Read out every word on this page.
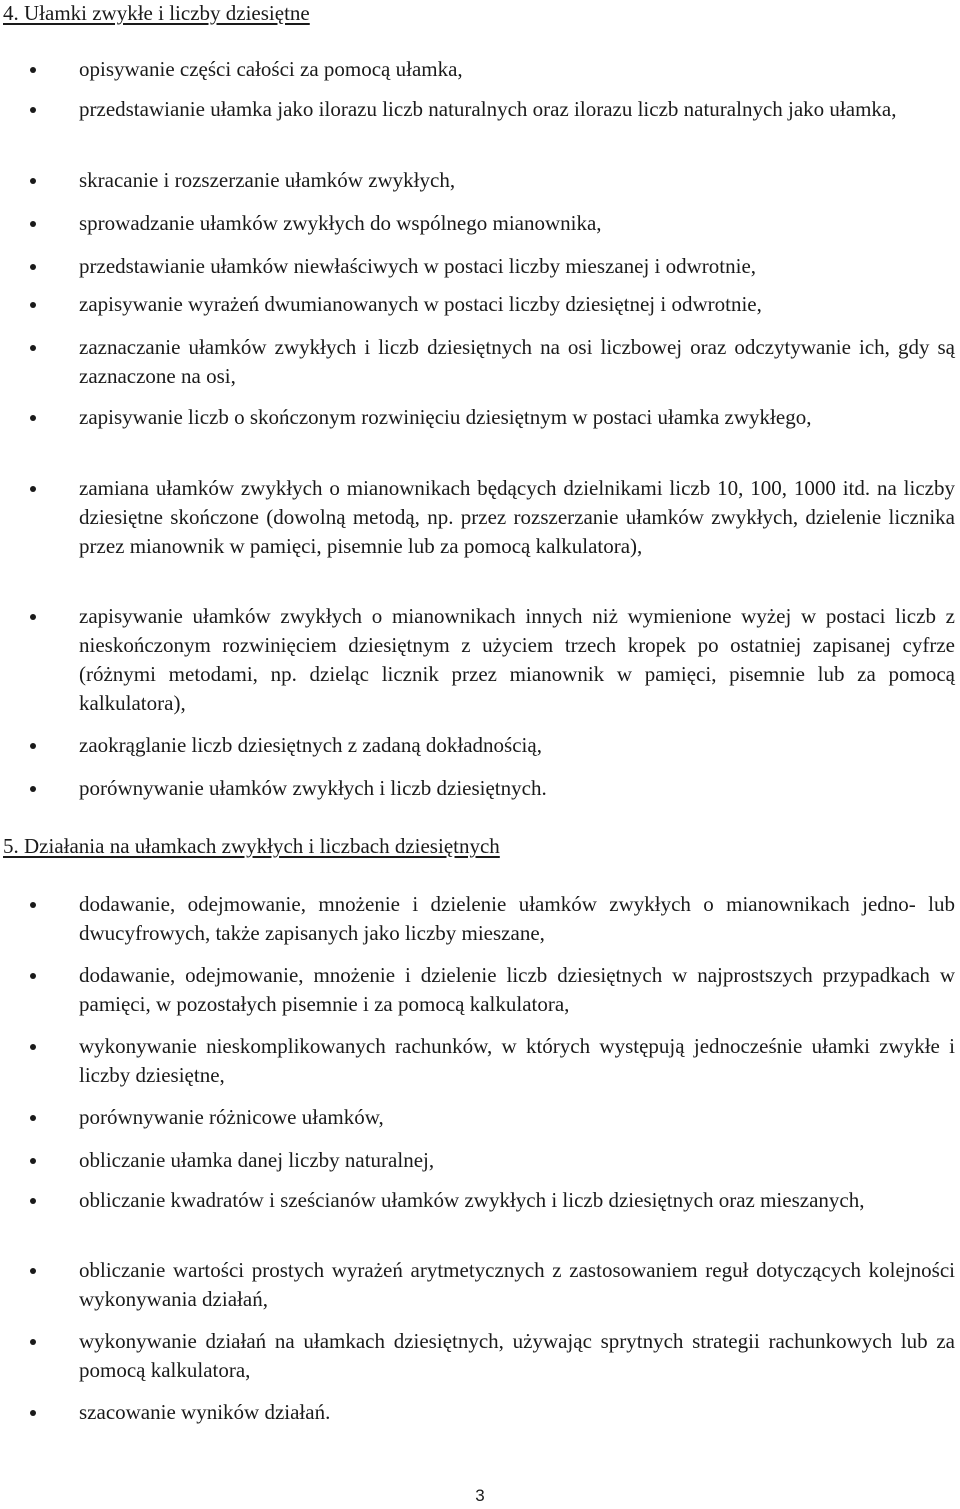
4. Ułamki zwykłe i liczby dziesiętne
opisywanie części całości za pomocą ułamka,
przedstawianie ułamka jako ilorazu liczb naturalnych oraz ilorazu liczb naturalnych jako ułamka,
skracanie i rozszerzanie ułamków zwykłych,
sprowadzanie ułamków zwykłych do wspólnego mianownika,
przedstawianie ułamków niewłaściwych w postaci liczby mieszanej i odwrotnie,
zapisywanie wyrażeń dwumianowanych w postaci liczby dziesiętnej i odwrotnie,
zaznaczanie ułamków zwykłych i liczb dziesiętnych na osi liczbowej oraz odczytywanie ich, gdy są zaznaczone na osi,
zapisywanie liczb o skończonym rozwinięciu dziesiętnym w postaci ułamka zwykłego,
zamiana ułamków zwykłych o mianownikach będących dzielnikami liczb 10, 100, 1000 itd. na liczby dziesiętne skończone (dowolną metodą, np. przez rozszerzanie ułamków zwykłych, dzielenie licznika przez mianownik w pamięci, pisemnie lub za pomocą kalkulatora),
zapisywanie ułamków zwykłych o mianownikach innych niż wymienione wyżej w postaci liczb z nieskończonym rozwinięciem dziesiętnym z użyciem trzech kropek po ostatniej zapisanej cyfrze (różnymi metodami, np. dzieląc licznik przez mianownik w pamięci, pisemnie lub za pomocą kalkulatora),
zaokrąglanie liczb dziesiętnych z zadaną dokładnością,
porównywanie ułamków zwykłych i liczb dziesiętnych.
5. Działania na ułamkach zwykłych i liczbach dziesiętnych
dodawanie, odejmowanie, mnożenie i dzielenie ułamków zwykłych o mianownikach jedno- lub dwucyfrowych, także zapisanych jako liczby mieszane,
dodawanie, odejmowanie, mnożenie i dzielenie liczb dziesiętnych w najprostszych przypadkach w pamięci, w pozostałych pisemnie i za pomocą kalkulatora,
wykonywanie nieskomplikowanych rachunków, w których występują jednocześnie ułamki zwykłe i liczby dziesiętne,
porównywanie różnicowe ułamków,
obliczanie ułamka danej liczby naturalnej,
obliczanie kwadratów i sześcianów ułamków zwykłych i liczb dziesiętnych oraz mieszanych,
obliczanie wartości prostych wyrażeń arytmetycznych z zastosowaniem reguł dotyczących kolejności wykonywania działań,
wykonywanie działań na ułamkach dziesiętnych, używając sprytnych strategii rachunkowych lub za pomocą kalkulatora,
szacowanie wyników działań.
3
